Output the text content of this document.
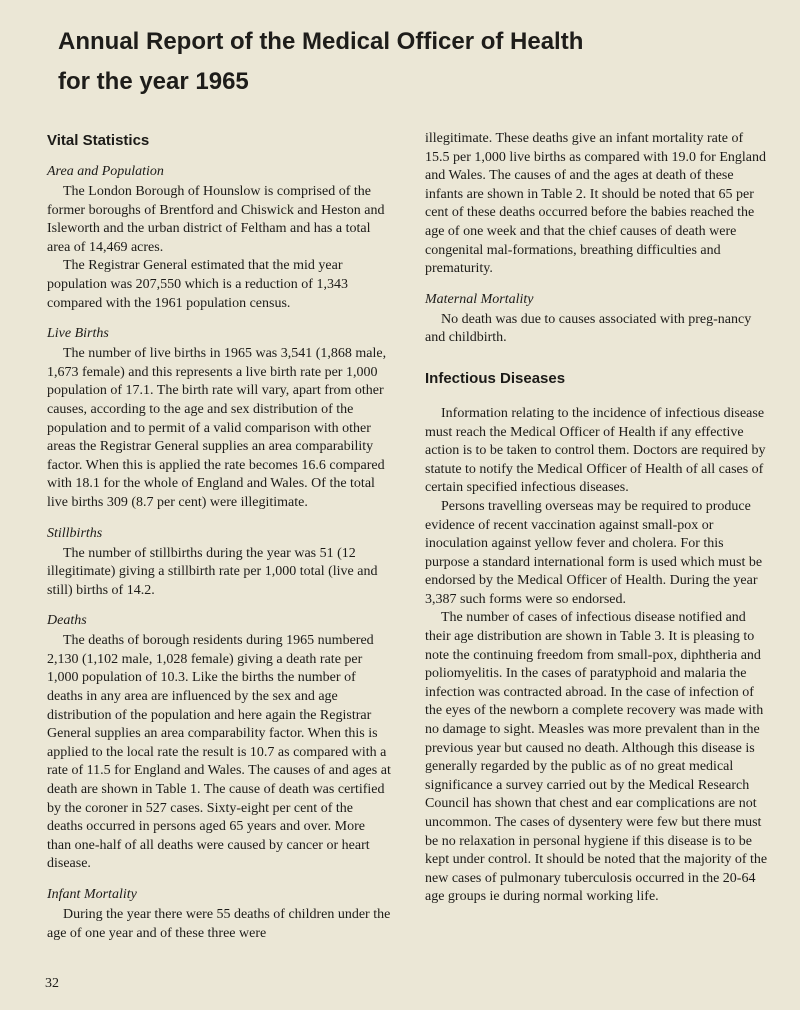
Annual Report of the Medical Officer of Health
for the year 1965
Vital Statistics
Area and Population

The London Borough of Hounslow is comprised of the former boroughs of Brentford and Chiswick and Heston and Isleworth and the urban district of Feltham and has a total area of 14,469 acres.

The Registrar General estimated that the mid year population was 207,550 which is a reduction of 1,343 compared with the 1961 population census.

Live Births

The number of live births in 1965 was 3,541 (1,868 male, 1,673 female) and this represents a live birth rate per 1,000 population of 17.1. The birth rate will vary, apart from other causes, according to the age and sex distribution of the population and to permit of a valid comparison with other areas the Registrar General supplies an area comparability factor. When this is applied the rate becomes 16.6 compared with 18.1 for the whole of England and Wales. Of the total live births 309 (8.7 per cent) were illegitimate.

Stillbirths

The number of stillbirths during the year was 51 (12 illegitimate) giving a stillbirth rate per 1,000 total (live and still) births of 14.2.

Deaths

The deaths of borough residents during 1965 numbered 2,130 (1,102 male, 1,028 female) giving a death rate per 1,000 population of 10.3. Like the births the number of deaths in any area are influenced by the sex and age distribution of the population and here again the Registrar General supplies an area comparability factor. When this is applied to the local rate the result is 10.7 as compared with a rate of 11.5 for England and Wales. The causes of and ages at death are shown in Table 1. The cause of death was certified by the coroner in 527 cases. Sixty-eight per cent of the deaths occurred in persons aged 65 years and over. More than one-half of all deaths were caused by cancer or heart disease.

Infant Mortality

During the year there were 55 deaths of children under the age of one year and of these three were

illegitimate. These deaths give an infant mortality rate of 15.5 per 1,000 live births as compared with 19.0 for England and Wales. The causes of and the ages at death of these infants are shown in Table 2. It should be noted that 65 per cent of these deaths occurred before the babies reached the age of one week and that the chief causes of death were congenital mal-formations, breathing difficulties and prematurity.

Maternal Mortality

No death was due to causes associated with preg-nancy and childbirth.

Infectious Diseases

Information relating to the incidence of infectious disease must reach the Medical Officer of Health if any effective action is to be taken to control them. Doctors are required by statute to notify the Medical Officer of Health of all cases of certain specified infectious diseases.

Persons travelling overseas may be required to produce evidence of recent vaccination against small-pox or inoculation against yellow fever and cholera. For this purpose a standard international form is used which must be endorsed by the Medical Officer of Health. During the year 3,387 such forms were so endorsed.

The number of cases of infectious disease notified and their age distribution are shown in Table 3. It is pleasing to note the continuing freedom from small-pox, diphtheria and poliomyelitis. In the cases of paratyphoid and malaria the infection was contracted abroad. In the case of infection of the eyes of the newborn a complete recovery was made with no damage to sight. Measles was more prevalent than in the previous year but caused no death. Although this disease is generally regarded by the public as of no great medical significance a survey carried out by the Medical Research Council has shown that chest and ear complications are not uncommon. The cases of dysentery were few but there must be no relaxation in personal hygiene if this disease is to be kept under control. It should be noted that the majority of the new cases of pulmonary tuberculosis occurred in the 20-64 age groups ie during normal working life.

32
